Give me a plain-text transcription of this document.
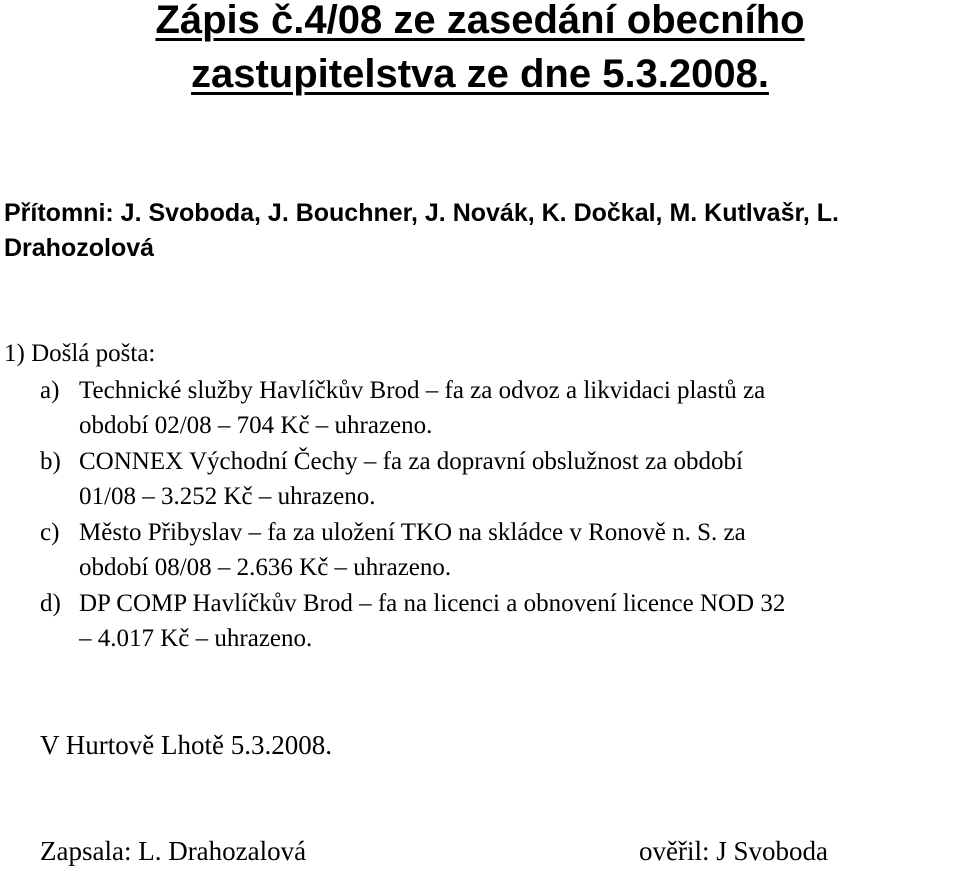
Zápis č.4/08 ze zasedání obecního
zastupitelstva ze dne 5.3.2008.
Přítomni: J. Svoboda, J. Bouchner, J. Novák, K. Dočkal, M. Kutlvašr, L.
Drahozolová
1) Došlá pošta:
a) Technické služby Havlíčkův Brod – fa za odvoz a likvidaci plastů za
období 02/08 – 704 Kč – uhrazeno.
b) CONNEX Východní Čechy – fa za dopravní obslužnost za období
01/08 – 3.252 Kč – uhrazeno.
c) Město Přibyslav – fa za uložení TKO na skládce v Ronově n. S. za
období 08/08 – 2.636 Kč – uhrazeno.
d) DP COMP Havlíčkův Brod – fa na licenci a obnovení licence NOD 32
– 4.017 Kč – uhrazeno.
V Hurtově Lhotě 5.3.2008.
Zapsala: L. Drahozalová	ověřil: J Svoboda
